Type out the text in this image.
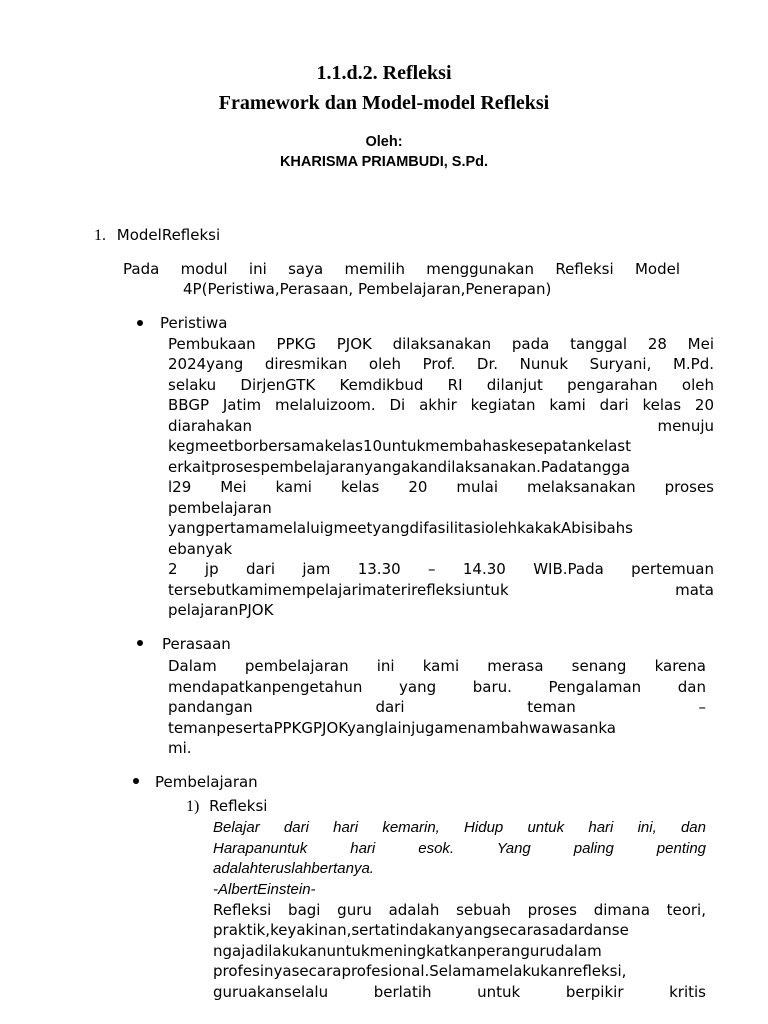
1.1.d.2. Refleksi
Framework dan Model-model Refleksi
Oleh:
KHARISMA PRIAMBUDI, S.Pd.
1. ModelRefleksi
Pada modul ini saya memilih menggunakan Refleksi Model
4P(Peristiwa,Perasaan, Pembelajaran,Penerapan)
Peristiwa
Pembukaan PPKG PJOK dilaksanakan pada tanggal 28 Mei
2024yang diresmikan oleh Prof. Dr. Nunuk Suryani, M.Pd.
selaku DirjenGTK Kemdikbud RI dilanjut pengarahan oleh
BBGP Jatim melaluizoom. Di akhir kegiatan kami dari kelas 20
diarahakan menuju
kegmeetborbersamakelas10untukmembahaskesepatankelast
erkaitprosespembelajaranyangakandilaksanakan.Padatangga
l29 Mei kami kelas 20 mulai melaksanakan proses
pembelajaran
yangpertamamelaluigmeetyangdifasilitasiolehkakakAbisibahs
ebanyak
2 jp dari jam 13.30 – 14.30 WIB.Pada pertemuan
tersebutkamimempelajarimaterirefleksiuntuk mata
pelajaranPJOK
Perasaan
Dalam pembelajaran ini kami merasa senang karena
mendapatkanpengetahun yang baru. Pengalaman dan
pandangan dari teman –
temanpesertaPPKGPJOKyanglainjugamenambahwawasanka
mi.
Pembelajaran
1) Refleksi
Belajar dari hari kemarin, Hidup untuk hari ini, dan
Harapanuntuk hari esok. Yang paling penting
adalahteruslahbertanya.
-AlbertEinstein-
Refleksi bagi guru adalah sebuah proses dimana teori,
praktik,keyakinan,sertatindakanyangsecarasadardanse
ngajadilakukanuntukmeningkatkanperangurudalam
profesinyasecaraprofesional.Selamamelakukanrefleksi,
guruakanselalu berlatih untuk berpikir kritis
